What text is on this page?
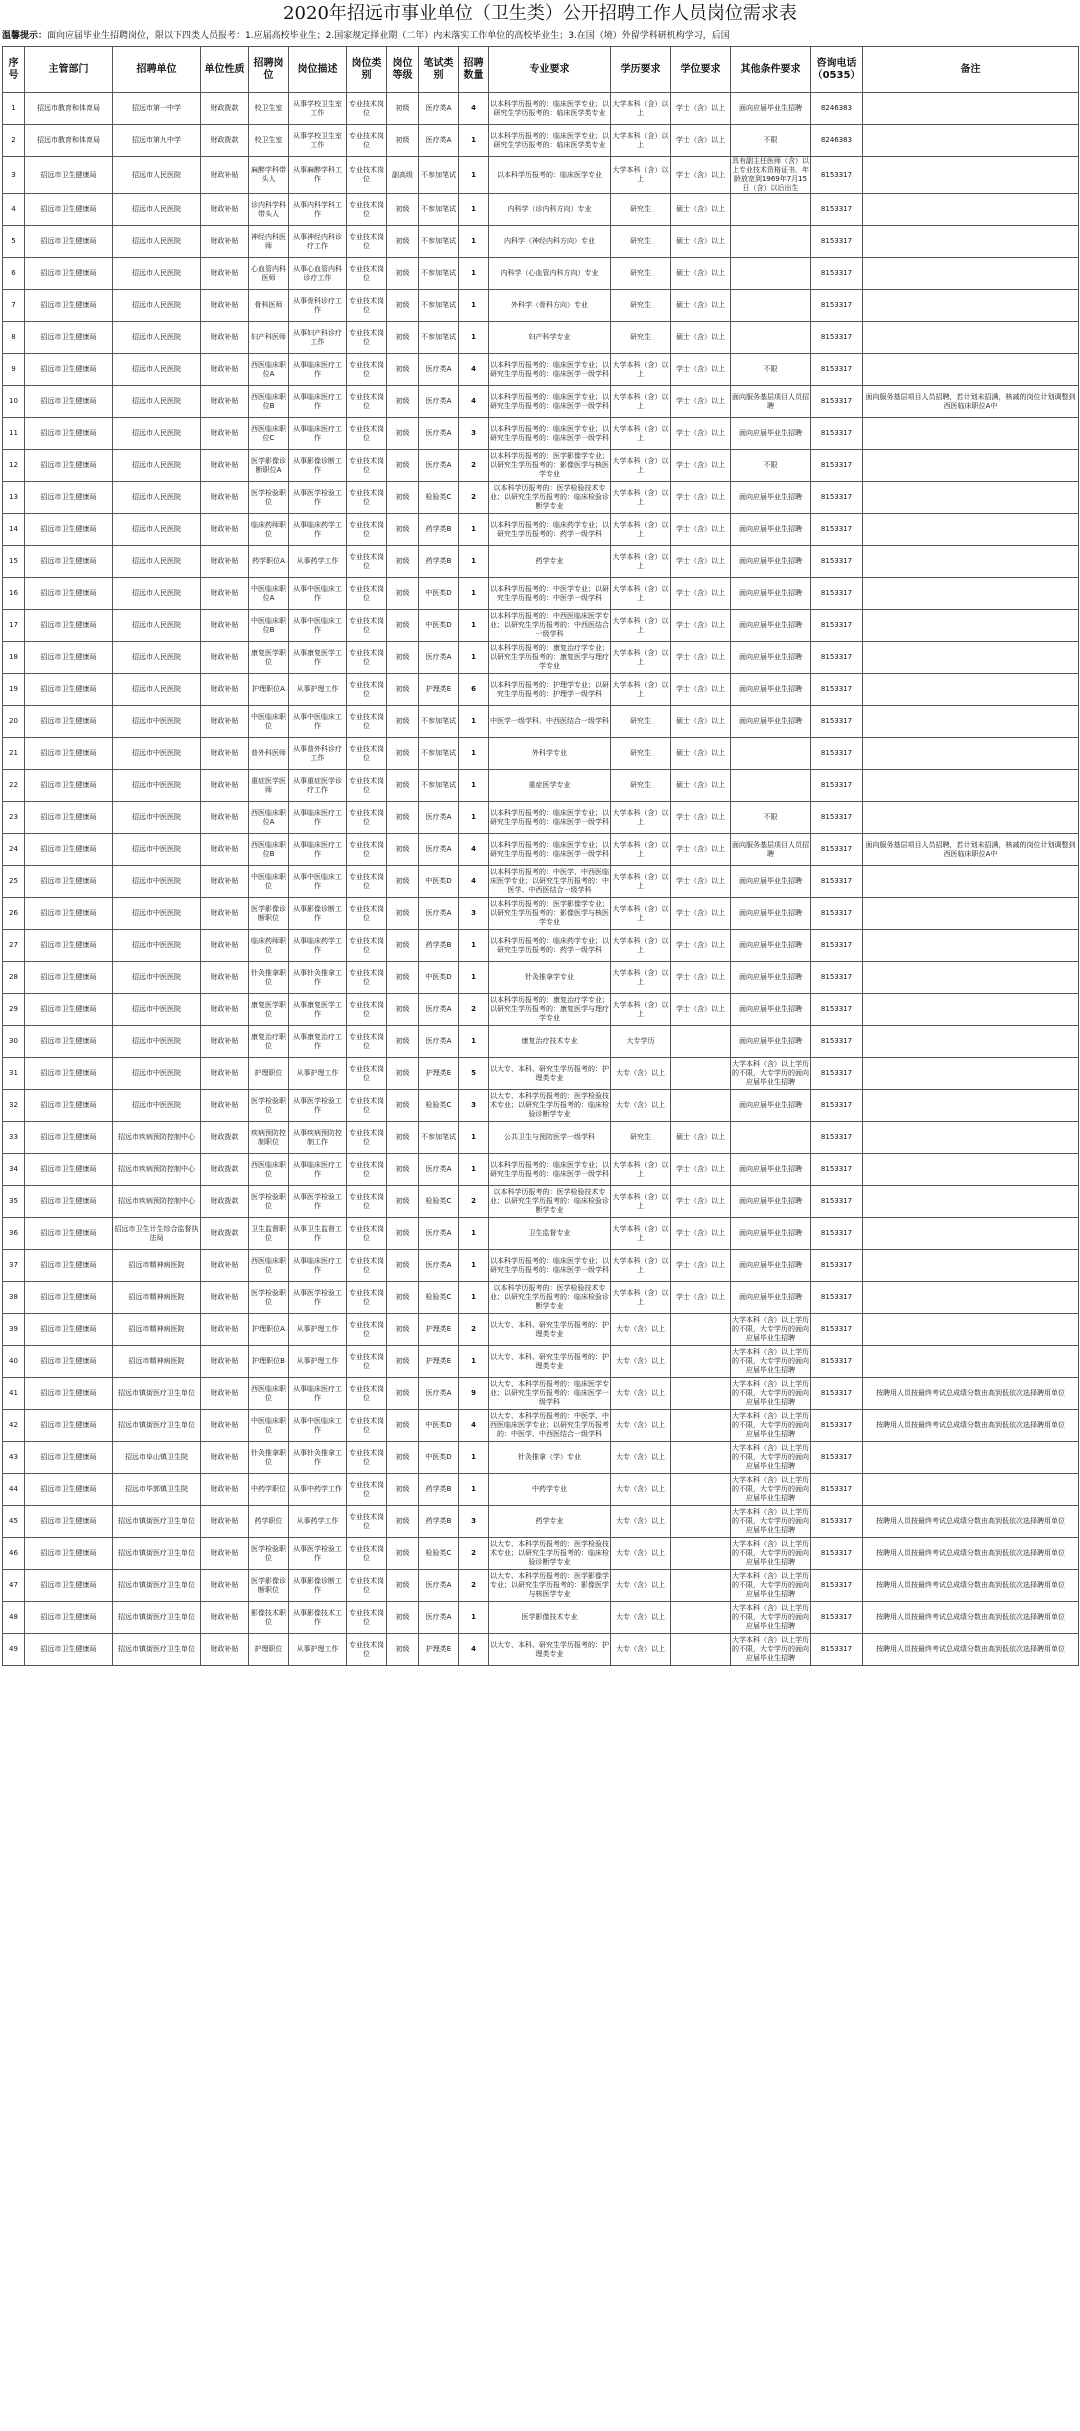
2020年招远市事业单位（卫生类）公开招聘工作人员岗位需求表
温馨提示：面向应届毕业生招聘岗位，限以下四类人员报考：1.应届高校毕业生；2.国家规定择业期（二年）内未落实工作单位的高校毕业生；3.在国（境）外留学科研机构学习，后国
序号	主管部门	招聘单位	单位性质	招聘岗位	岗位描述	岗位类别	岗位等级	笔试类别	招聘数量	专业要求	学历要求	学位要求	其他条件要求	咨询电话（0535）	备注
1	招远市教育和体育局	招远市第一中学	财政拨款	校卫生室	从事学校卫生室工作	专业技术岗位	初级	医疗类A	4	以本科学历报考的：临床医学专业；以研究生学历报考的：临床医学类专业	大学本科（含）以上	学士（含）以上	面向应届毕业生招聘	8246383	
2	招远市教育和体育局	招远市第九中学	财政拨款	校卫生室	从事学校卫生室工作	专业技术岗位	初级	医疗类A	1	以本科学历报考的：临床医学专业；以研究生学历报考的：临床医学类专业	大学本科（含）以上	学士（含）以上	不限	8246383	
3	招远市卫生健康局	招远市人民医院	财政补贴	麻醉学科带头人	从事麻醉学科工作	专业技术岗位	副高级	不参加笔试	1	以本科学历报考的：临床医学专业	大学本科（含）以上	学士（含）以上	具有副主任医师（含）以上专业技术资格证书，年龄放宽到1969年7月15日（含）以后出生	8153317	
4	招远市卫生健康局	招远市人民医院	财政补贴	诊内科学科带头人	从事内科学科工作	专业技术岗位	初级	不参加笔试	1	内科学（诊内科方向）专业	研究生	硕士（含）以上		8153317	
5	招远市卫生健康局	招远市人民医院	财政补贴	神经内科医师	从事神经内科诊疗工作	专业技术岗位	初级	不参加笔试	1	内科学（神经内科方向）专业	研究生	硕士（含）以上		8153317	
6	招远市卫生健康局	招远市人民医院	财政补贴	心血管内科医师	从事心血管内科诊疗工作	专业技术岗位	初级	不参加笔试	1	内科学（心血管内科方向）专业	研究生	硕士（含）以上		8153317	
7	招远市卫生健康局	招远市人民医院	财政补贴	骨科医师	从事骨科诊疗工作	专业技术岗位	初级	不参加笔试	1	外科学（骨科方向）专业	研究生	硕士（含）以上		8153317	
8	招远市卫生健康局	招远市人民医院	财政补贴	妇产科医师	从事妇产科诊疗工作	专业技术岗位	初级	不参加笔试	1	妇产科学专业	研究生	硕士（含）以上		8153317	
9	招远市卫生健康局	招远市人民医院	财政补贴	西医临床职位A	从事临床医疗工作	专业技术岗位	初级	医疗类A	4	以本科学历报考的：临床医学专业；以研究生学历报考的：临床医学一级学科	大学本科（含）以上	学士（含）以上	不限	8153317	
10	招远市卫生健康局	招远市人民医院	财政补贴	西医临床职位B	从事临床医疗工作	专业技术岗位	初级	医疗类A	4	以本科学历报考的：临床医学专业；以研究生学历报考的：临床医学一级学科	大学本科（含）以上	学士（含）以上	面向服务基层项目人员招聘	8153317	面向服务基层项目人员招聘，若计划未招满，核减的岗位计划调整到西医临床职位A中
11	招远市卫生健康局	招远市人民医院	财政补贴	西医临床职位C	从事临床医疗工作	专业技术岗位	初级	医疗类A	3	以本科学历报考的：临床医学专业；以研究生学历报考的：临床医学一级学科	大学本科（含）以上	学士（含）以上	面向应届毕业生招聘	8153317	
12	招远市卫生健康局	招远市人民医院	财政补贴	医学影像诊断职位A	从事影像诊断工作	专业技术岗位	初级	医疗类A	2	以本科学历报考的：医学影像学专业；以研究生学历报考的：影像医学与核医学专业	大学本科（含）以上	学士（含）以上	不限	8153317	
13	招远市卫生健康局	招远市人民医院	财政补贴	医学检验职位	从事医学检验工作	专业技术岗位	初级	检验类C	2	以本科学历报考的：医学检验技术专业；以研究生学历报考的：临床检验诊断学专业	大学本科（含）以上	学士（含）以上	面向应届毕业生招聘	8153317	
14	招远市卫生健康局	招远市人民医院	财政补贴	临床药师职位	从事临床药学工作	专业技术岗位	初级	药学类B	1	以本科学历报考的：临床药学专业；以研究生学历报考的：药学一级学科	大学本科（含）以上	学士（含）以上	面向应届毕业生招聘	8153317	
15	招远市卫生健康局	招远市人民医院	财政补贴	药学职位A	从事药学工作	专业技术岗位	初级	药学类B	1	药学专业	大学本科（含）以上	学士（含）以上	面向应届毕业生招聘	8153317	
16	招远市卫生健康局	招远市人民医院	财政补贴	中医临床职位A	从事中医临床工作	专业技术岗位	初级	中医类D	1	以本科学历报考的：中医学专业；以研究生学历报考的：中医学一级学科	大学本科（含）以上	学士（含）以上	面向应届毕业生招聘	8153317	
17	招远市卫生健康局	招远市人民医院	财政补贴	中医临床职位B	从事中医临床工作	专业技术岗位	初级	中医类D	1	以本科学历报考的：中西医临床医学专业；以研究生学历报考的：中西医结合一级学科	大学本科（含）以上	学士（含）以上	面向应届毕业生招聘	8153317	
18	招远市卫生健康局	招远市人民医院	财政补贴	康复医学职位	从事康复医学工作	专业技术岗位	初级	医疗类A	1	以本科学历报考的：康复治疗学专业；以研究生学历报考的：康复医学与理疗学专业	大学本科（含）以上	学士（含）以上	面向应届毕业生招聘	8153317	
19	招远市卫生健康局	招远市人民医院	财政补贴	护理职位A	从事护理工作	专业技术岗位	初级	护理类E	6	以本科学历报考的：护理学专业；以研究生学历报考的：护理学一级学科	大学本科（含）以上	学士（含）以上	面向应届毕业生招聘	8153317	
20	招远市卫生健康局	招远市中医医院	财政补贴	中医临床职位	从事中医临床工作	专业技术岗位	初级	不参加笔试	1	中医学一级学科、中西医结合一级学科	研究生	硕士（含）以上	面向应届毕业生招聘	8153317	
21	招远市卫生健康局	招远市中医医院	财政补贴	普外科医师	从事普外科诊疗工作	专业技术岗位	初级	不参加笔试	1	外科学专业	研究生	硕士（含）以上		8153317	
22	招远市卫生健康局	招远市中医医院	财政补贴	重症医学医师	从事重症医学诊疗工作	专业技术岗位	初级	不参加笔试	1	重症医学专业	研究生	硕士（含）以上		8153317	
23	招远市卫生健康局	招远市中医医院	财政补贴	西医临床职位A	从事临床医疗工作	专业技术岗位	初级	医疗类A	1	以本科学历报考的：临床医学专业；以研究生学历报考的：临床医学一级学科	大学本科（含）以上	学士（含）以上	不限	8153317	
24	招远市卫生健康局	招远市中医医院	财政补贴	西医临床职位B	从事临床医疗工作	专业技术岗位	初级	医疗类A	4	以本科学历报考的：临床医学专业；以研究生学历报考的：临床医学一级学科	大学本科（含）以上	学士（含）以上	面向服务基层项目人员招聘	8153317	面向服务基层项目人员招聘，若计划未招满，核减的岗位计划调整到西医临床职位A中
25	招远市卫生健康局	招远市中医医院	财政补贴	中医临床职位	从事中医临床工作	专业技术岗位	初级	中医类D	4	以本科学历报考的：中医学、中西医临床医学专业；以研究生学历报考的：中医学、中西医结合一级学科	大学本科（含）以上	学士（含）以上	面向应届毕业生招聘	8153317	
26	招远市卫生健康局	招远市中医医院	财政补贴	医学影像诊断职位	从事影像诊断工作	专业技术岗位	初级	医疗类A	3	以本科学历报考的：医学影像学专业；以研究生学历报考的：影像医学与核医学专业	大学本科（含）以上	学士（含）以上	面向应届毕业生招聘	8153317	
27	招远市卫生健康局	招远市中医医院	财政补贴	临床药师职位	从事临床药学工作	专业技术岗位	初级	药学类B	1	以本科学历报考的：临床药学专业；以研究生学历报考的：药学一级学科	大学本科（含）以上	学士（含）以上	面向应届毕业生招聘	8153317	
28	招远市卫生健康局	招远市中医医院	财政补贴	针灸推拿职位	从事针灸推拿工作	专业技术岗位	初级	中医类D	1	针灸推拿学专业	大学本科（含）以上	学士（含）以上	面向应届毕业生招聘	8153317	
29	招远市卫生健康局	招远市中医医院	财政补贴	康复医学职位	从事康复医学工作	专业技术岗位	初级	医疗类A	2	以本科学历报考的：康复治疗学专业；以研究生学历报考的：康复医学与理疗学专业	大学本科（含）以上	学士（含）以上	面向应届毕业生招聘	8153317	
30	招远市卫生健康局	招远市中医医院	财政补贴	康复治疗职位	从事康复治疗工作	专业技术岗位	初级	医疗类A	1	康复治疗技术专业	大专学历		面向应届毕业生招聘	8153317	
31	招远市卫生健康局	招远市中医医院	财政补贴	护理职位	从事护理工作	专业技术岗位	初级	护理类E	5	以大专、本科、研究生学历报考的：护理类专业	大专（含）以上		大学本科（含）以上学历的不限，大专学历的面向应届毕业生招聘	8153317	
32	招远市卫生健康局	招远市中医医院	财政补贴	医学检验职位	从事医学检验工作	专业技术岗位	初级	检验类C	3	以大专、本科学历报考的：医学检验技术专业；以研究生学历报考的：临床检验诊断学专业	大专（含）以上		面向应届毕业生招聘	8153317	
33	招远市卫生健康局	招远市疾病预防控制中心	财政拨款	疾病预防控制职位	从事疾病预防控制工作	专业技术岗位	初级	不参加笔试	1	公共卫生与预防医学一级学科	研究生	硕士（含）以上		8153317	
34	招远市卫生健康局	招远市疾病预防控制中心	财政拨款	西医临床职位	从事临床医疗工作	专业技术岗位	初级	医疗类A	1	以本科学历报考的：临床医学专业；以研究生学历报考的：临床医学一级学科	大学本科（含）以上	学士（含）以上	面向应届毕业生招聘	8153317	
35	招远市卫生健康局	招远市疾病预防控制中心	财政拨款	医学检验职位	从事医学检验工作	专业技术岗位	初级	检验类C	2	以本科学历报考的：医学检验技术专业；以研究生学历报考的：临床检验诊断学专业	大学本科（含）以上	学士（含）以上	面向应届毕业生招聘	8153317	
36	招远市卫生健康局	招远市卫生计生综合监督执法局	财政拨款	卫生监督职位	从事卫生监督工作	专业技术岗位	初级	医疗类A	1	卫生监督专业	大学本科（含）以上	学士（含）以上	面向应届毕业生招聘	8153317	
37	招远市卫生健康局	招远市精神病医院	财政补贴	西医临床职位	从事临床医疗工作	专业技术岗位	初级	医疗类A	1	以本科学历报考的：临床医学专业；以研究生学历报考的：临床医学一级学科	大学本科（含）以上	学士（含）以上	面向应届毕业生招聘	8153317	
38	招远市卫生健康局	招远市精神病医院	财政补贴	医学检验职位	从事医学检验工作	专业技术岗位	初级	检验类C	1	以本科学历报考的：医学检验技术专业；以研究生学历报考的：临床检验诊断学专业	大学本科（含）以上	学士（含）以上	面向应届毕业生招聘	8153317	
39	招远市卫生健康局	招远市精神病医院	财政补贴	护理职位A	从事护理工作	专业技术岗位	初级	护理类E	2	以大专、本科、研究生学历报考的：护理类专业	大专（含）以上		大学本科（含）以上学历的不限，大专学历的面向应届毕业生招聘	8153317	
40	招远市卫生健康局	招远市精神病医院	财政补贴	护理职位B	从事护理工作	专业技术岗位	初级	护理类E	1	以大专、本科、研究生学历报考的：护理类专业	大专（含）以上		大学本科（含）以上学历的不限，大专学历的面向应届毕业生招聘	8153317	
41	招远市卫生健康局	招远市镇街医疗卫生单位	财政补贴	西医临床职位	从事临床医疗工作	专业技术岗位	初级	医疗类A	9	以大专、本科学历报考的：临床医学专业；以研究生学历报考的：临床医学一级学科	大专（含）以上		大学本科（含）以上学历的不限，大专学历的面向应届毕业生招聘	8153317	按聘用人员按最终考试总成绩分数由高到低依次选择聘用单位
42	招远市卫生健康局	招远市镇街医疗卫生单位	财政补贴	中医临床职位	从事中医临床工作	专业技术岗位	初级	中医类D	4	以大专、本科学历报考的：中医学、中西医临床医学专业；以研究生学历报考的：中医学、中西医结合一级学科	大专（含）以上		大学本科（含）以上学历的不限，大专学历的面向应届毕业生招聘	8153317	按聘用人员按最终考试总成绩分数由高到低依次选择聘用单位
43	招远市卫生健康局	招远市阜山镇卫生院	财政补贴	针灸推拿职位	从事针灸推拿工作	专业技术岗位	初级	中医类D	1	针灸推拿（学）专业	大专（含）以上		大学本科（含）以上学历的不限，大专学历的面向应届毕业生招聘	8153317	
44	招远市卫生健康局	招远市毕郭镇卫生院	财政补贴	中药学职位	从事中药学工作	专业技术岗位	初级	药学类B	1	中药学专业	大专（含）以上		大学本科（含）以上学历的不限，大专学历的面向应届毕业生招聘	8153317	
45	招远市卫生健康局	招远市镇街医疗卫生单位	财政补贴	药学职位	从事药学工作	专业技术岗位	初级	药学类B	3	药学专业	大专（含）以上		大学本科（含）以上学历的不限，大专学历的面向应届毕业生招聘	8153317	按聘用人员按最终考试总成绩分数由高到低依次选择聘用单位
46	招远市卫生健康局	招远市镇街医疗卫生单位	财政补贴	医学检验职位	从事医学检验工作	专业技术岗位	初级	检验类C	2	以大专、本科学历报考的：医学检验技术专业；以研究生学历报考的：临床检验诊断学专业	大专（含）以上		大学本科（含）以上学历的不限，大专学历的面向应届毕业生招聘	8153317	按聘用人员按最终考试总成绩分数由高到低依次选择聘用单位
47	招远市卫生健康局	招远市镇街医疗卫生单位	财政补贴	医学影像诊断职位	从事影像诊断工作	专业技术岗位	初级	医疗类A	2	以大专、本科学历报考的：医学影像学专业；以研究生学历报考的：影像医学与核医学专业	大专（含）以上		大学本科（含）以上学历的不限，大专学历的面向应届毕业生招聘	8153317	按聘用人员按最终考试总成绩分数由高到低依次选择聘用单位
48	招远市卫生健康局	招远市镇街医疗卫生单位	财政补贴	影像技术职位	从事影像技术工作	专业技术岗位	初级	医疗类A	1	医学影像技术专业	大专（含）以上		大学本科（含）以上学历的不限，大专学历的面向应届毕业生招聘	8153317	按聘用人员按最终考试总成绩分数由高到低依次选择聘用单位
49	招远市卫生健康局	招远市镇街医疗卫生单位	财政补贴	护理职位	从事护理工作	专业技术岗位	初级	护理类E	4	以大专、本科、研究生学历报考的：护理类专业	大专（含）以上		大学本科（含）以上学历的不限，大专学历的面向应届毕业生招聘	8153317	按聘用人员按最终考试总成绩分数由高到低依次选择聘用单位
